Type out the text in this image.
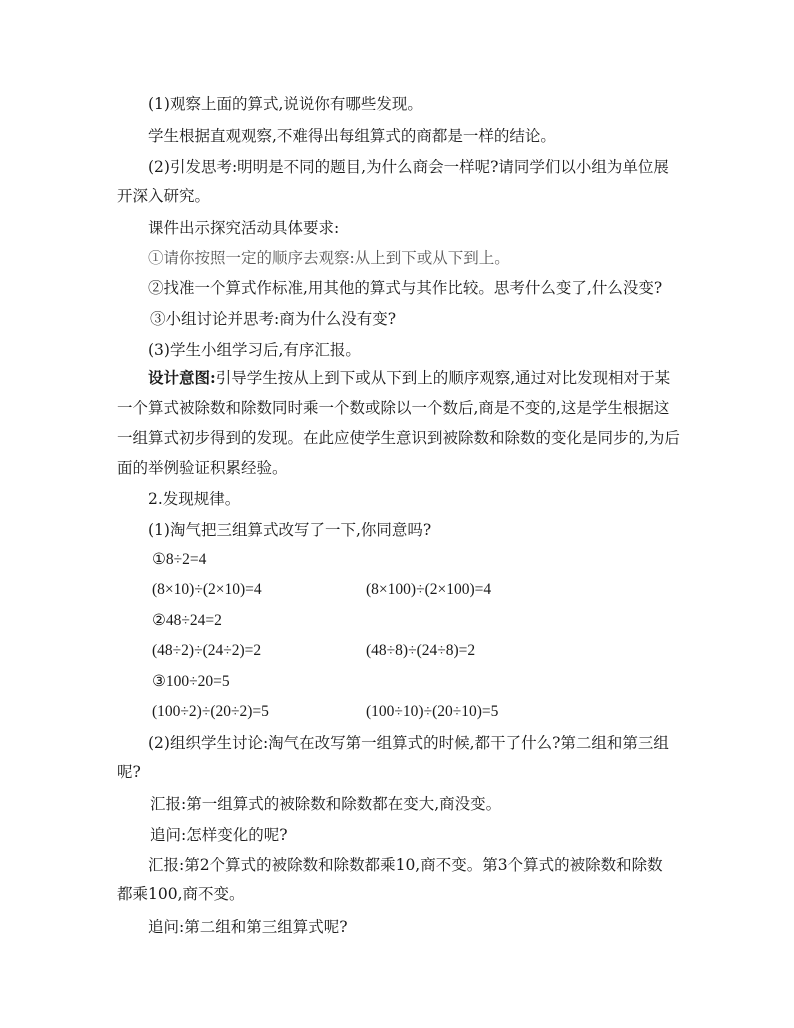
(1)观察上面的算式,说说你有哪些发现。
学生根据直观观察,不难得出每组算式的商都是一样的结论。
(2)引发思考:明明是不同的题目,为什么商会一样呢?请同学们以小组为单位展
开深入研究。
课件出示探究活动具体要求:
①请你按照一定的顺序去观察:从上到下或从下到上。
②找准一个算式作标准,用其他的算式与其作比较。思考什么变了,什么没变?
③小组讨论并思考:商为什么没有变?
(3)学生小组学习后,有序汇报。
设计意图:引导学生按从上到下或从下到上的顺序观察,通过对比发现相对于某
一个算式被除数和除数同时乘一个数或除以一个数后,商是不变的,这是学生根据这
一组算式初步得到的发现。在此应使学生意识到被除数和除数的变化是同步的,为后
面的举例验证积累经验。
2.发现规律。
(1)淘气把三组算式改写了一下,你同意吗?
①8÷2=4
(8×10)÷(2×10)=4	(8×100)÷(2×100)=4
②48÷24=2
(48÷2)÷(24÷2)=2	(48÷8)÷(24÷8)=2
③100÷20=5
(100÷2)÷(20÷2)=5	(100÷10)÷(20÷10)=5
(2)组织学生讨论:淘气在改写第一组算式的时候,都干了什么?第二组和第三组
呢?
汇报:第一组算式的被除数和除数都在变大,商没变。
追问:怎样变化的呢?
汇报:第2个算式的被除数和除数都乘10,商不变。第3个算式的被除数和除数
都乘100,商不变。
追问:第二组和第三组算式呢?
